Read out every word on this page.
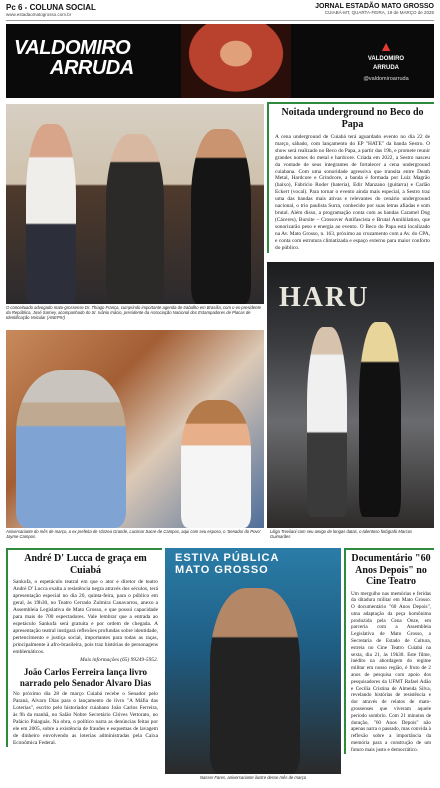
Pc 6 - COLUNA SOCIAL
www.estadaomatogrosso.com.br
JORNAL ESTADÃO MATO GROSSO
CUIABÁ-MT, QUARTA-FEIRA, 19 de MARÇO de 2025
VALDOMIRO
ARRUDA
▲
VALDOMIRO
ARRUDA
@valdomiroarruda
O conceituado advogado mato-grossense Dr. Thiago França, cumprindo importante agenda de trabalho em Brasília, com o ex-presidente da República, José Sarney, acompanhado do Sr. Ivânio Inácio, presidente da Associação Nacional dos Estampadores de Placas de Identificação Veicular (ANEPIV)
Noitada underground no Beco do Papa
A cena underground de Cuiabá terá aguardado evento no dia 22 de março, sábado, com lançamento do EP "HATE" da banda Sestro. O show será realizado no Beco do Papa, a partir das 19h, e promete reunir grandes nomes do metal e hardcore. Criada em 2022, a Sestro nasceu da vontade de seus integrantes de fortalecer a cena underground cuiabana. Com uma sonoridade agressiva que transita entre Death Metal, Hardcore e Grindcore, a banda é formada por Luiz Magrão (baixo), Fabrício Roder (bateria), Edir Manzano (guitarra) e Carlão Eckert (vocal). Para tornar o evento ainda mais especial, a Sestro traz uma das bandas mais ativas e relevantes do cenário underground nacional, o trio paulista Surra, conhecido por suas letras afiadas e som brutal. Além disso, a programação conta com as bandas Caramel Dog (Cáceres), Bursite – Crossover Antifascista e Brutal Annihilation, que sonorizarão peso e energia ao evento. O Beco do Papa está localizado na Av. Mato Grosso, n. 163, próximo ao cruzamento com a Av. do CPA, e conta com estrutura climatizada e espaço externo para maior conforto do público.
HARU
Liliga Treviiani com seu amigo de longas datas, o talentoso fotógrafo Marcos Guimarães
Aniversariante do mês de março, a ex prefeita de Várzea Grande, Lucimar Sacre de Campos, aqui com seu esposo, o 'Senador do Povo' Jayme Campos.
André D' Lucca de graça em Cuiabá
Sankofa, o espetáculo teatral em que o ator e diretor de teatro André D' Lucca exalta a resistência negra através dos séculos, terá apresentação especial no dia 20, quinta-feira, para o público em geral, às 19h30, no Teatro Cerrado Zulmira Canavarros, anexo a Assembleia Legislativa de Mato Grosso, e que possui capacidade para mais de 700 espectadores. Vale lembrar que a entrada ao espetáculo Sankofa será gratuita e por ordem de chegada. A apresentação teatral instigará reflexões profundas sobre identidade, pertencimento e justiça social, importantes para todas as raças, principalmente à afro-brasileira, pois traz histórias de personagens emblemáticos.
Mais informações (65) 99249-5952.
João Carlos Ferreira lança livro narrado pelo Senador Alvaro Dias
No próximo dia 28 de março Cuiabá recebe o Senador pelo Paraná, Alvaro Dias para o lançamento do livro "A Máfia das Loterias", escrito pelo historiador cuiabano João Carlos Ferreira, às 9h da manhã, no Salão Nobre Secretário Clóves Vettorato, no Palácio Paiaguás. Na obra, o político narra as denúncias feitas por ele em 2005, sobre a existência de fraudes e esquemas de lavagem de dinheiro envolvendo as loterias administradas pela Caixa Econômica Federal.
ESTIVA PÚBLICA
MATO GROSSO
Nasser Fares, aniversariante ilustre desse mês de março
Documentário "60 Anos Depois" no Cine Teatro
Um mergulho nas memórias e feridas da ditadura militar em Mato Grosso. O documentário "60 Anos Depois", uma adaptação da peça homônima produzida pela Cena Onze, em parceria com a Assembleia Legislativa de Mato Grosso, a Secretaria de Estado de Cultura, estreia no Cine Teatro Cuiabá na sexta, dia 21, às 19h30. Este filme, inédito na abordagem do regime militar em nosso região, é fruto de 2 anos de pesquisa com apoio dos pesquisadores da UFMT Rafael Adão e Cecília Cristina de Almeida Silva, revelando histórias de resistência e dor através de relatos de mato-grossenses que viveram aquele período sombrio. Com 21 minutos de duração, "60 Anos Depois" não apenas narra o passado, mas convida à reflexão sobre a importância da memória para a construção de um futuro mais justo e democrático.
